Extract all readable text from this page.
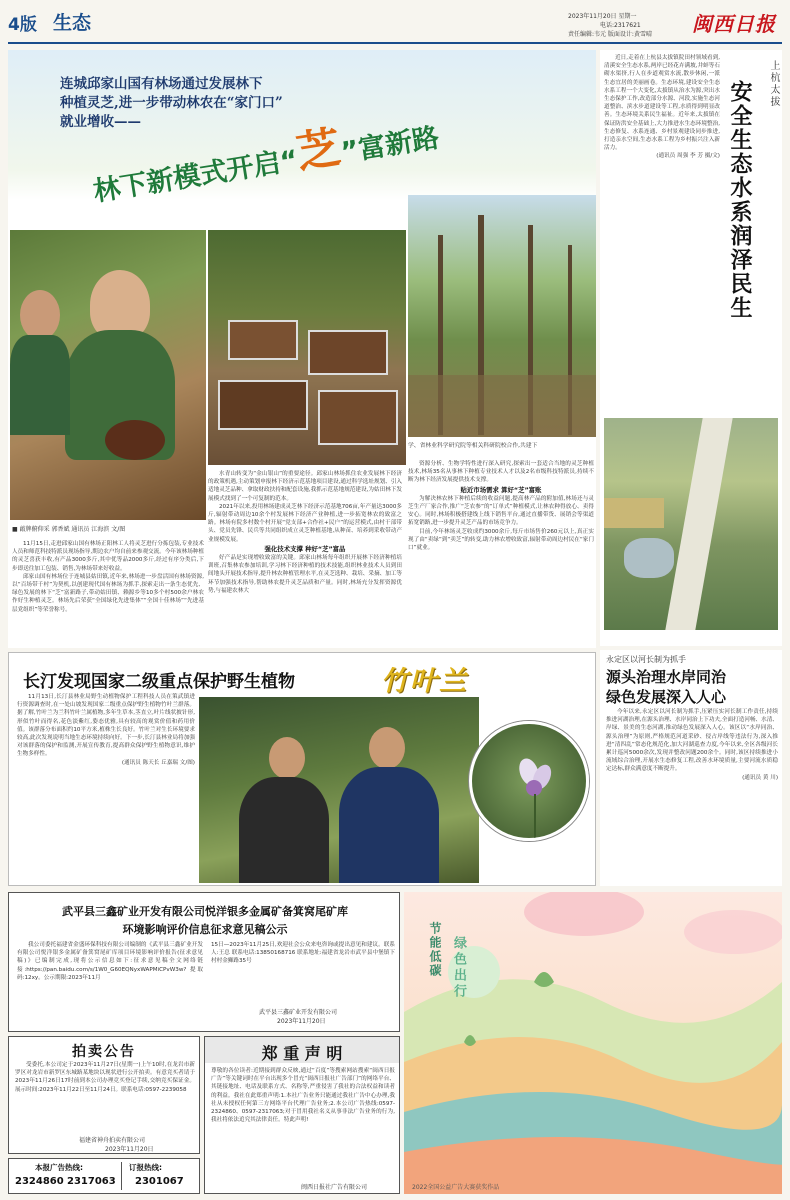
4版 生态	2023年11月20日 星期一
电话:2317621
责任编辑:韦元 版面设计:黄雪晴 闽西日报
连城邱家山国有林场通过发展林下
种植灵芝,进一步带动林农在“家门口”
就业增收——
林下新模式开启“芝”富新路
学、省林业科学研究院等相关科研院校合作,共建下
■ 敲牌俯仰采 郭香斌 通讯员 江海滨 文/图

11月15日,走进邱家山国有林场正阳林工人将灵芝进行分拣包装,专业技术人员和师范科技特派员现场指导,期边农户均自前来参观交流。今年该林场种植的灵芝喜获丰收,有产品3000多斤,其中优等品2000多斤,经过有序分类后,下步即送往加工包装、销售,为林场带来好收益。

邱家山国有林场位于连城县姑田镇,近年来,林场进一步盘活国有林场资源,以“百场带千村”为契机,以创建现代国有林场为抓手,探索走出一条生态优先、绿色发展的林下“芝”富新路子,带动姑田镇、赖源乡等10多个村500余户林农作好生种植灵芝。林场先后荣获“全国绿化先进集体”“全国十佳林场”“先进基层党组织”等荣誉称号。

水青山转变为“金山银山”的重要途径。邱家山林场抓住农业发展林下经济的政策机遇,主动策划申报林下经济示范基地项目建设,通过科学选址规划、引入适地灵芝品种、拿取财政扶持和配套设施,我抓示范基地规范建设,为姑田林下发展模式找到了一个可复制的范本。

2021年以来,投用林场建成灵芝林下经济示范基地706亩,年产量达3000多斤,辐射带动周边10余个村发展林下经济产业种植,进一步拓宽林农的致富之路。林场有院多村数个村开展“党支部+合作社+民户”的运营模式,由村干部带头、党员先锋、民兵等共同组织成立灵芝种植基地,从种苗、培养到采收带动产业规模发展。

强化技术支撑 种好“芝”富品

好产品是实现增收致富的关键。邱家山林场每年组织开展林下经济种植培训班,召集林农参加培训,学习林下经济种植的技术技能,组织林业技术人员到田间地头开展技术指导,提升林农种植管理水平,在灵芝选种、栽培、采摘、加工等环节加强技术指导,帮助林农提升灵芝品质和产量。同时,林场充分发挥资源优势,与福建农林大

资源分析、生物学特性进行深入研究,探索出一套适合当地的灵芝种植技术,林场35名从事林下种植专业技术人才以及2名市级科技特派员,持续不断为林下经济发展提供技术支撑。

贴近市场需求 算好“芝”富账

为解决林农林下种植后续的收益问题,提高林产品的附加值,林场还与灵芝生产厂家合作,推广“芝农参”的“订单式”种植模式,让林农种得放心、卖得安心。同时,林场积极搭建线上线下销售平台,通过直播带货、展销会等渠道拓宽销路,进一步提升灵芝产品的市场竞争力。

目前,今年林场灵芝收成约3000余斤,每斤市场售价260元以上,真正实现了由“卖绿”到“卖芝”的转变,助力林农增收致富,辐射带动周边村民在“家门口”就业。

近日,走着在上杭县太拔镇院田村领域看到,清溪安全生态水系,两岸已经花卉满坡,井蚌等石砌水渠挤,行人在步道观赏水流,散步休闲,一派生态宜居的美丽画卷。生态环境,建设安全生态水系工程一个大变化,太拔镇从治水为源,突出水生态保护工作,改造部分水源、河段,实施生态河道整治、滨水步道建设等工程,水质得到明显改善。生态环境关系民生福祉。近年来,太拔镇在保证防洪安全基础上,大力推进水生态环境整治,生态修复、水系连通、乡村景观建设同步推进,打造亲水空间,生态水系工程为乡村振兴注入新活力。

(通讯员 周强 李 芳 摄/文)

上杭太拔
安全生态水系润泽民生
永定区以河长制为抓手
源头治理水岸同治
绿色发展深入人心

今年以来,永定区以河长制为抓手,压紧压实河长制工作责任,持续推进河湖治理,在源头治理、水岸同治上下功夫,全面打造河畅、水清、岸绿、景美的生态河湖,推动绿色发展深入人心。该区以“水岸同治、源头治理”为原则,严格规范河道采砂、侵占岸线等违法行为,深入推进“清四乱”常态化规范化,加大河湖巡查力度,今年以来,全区各级河长累计巡河5000余次,发现并整改问题200余个。同时,该区持续推进小流域综合治理,开展水生态修复工程,改善水环境质量,主要河流水质稳定达标,群众满意度不断提升。

(通讯员 黄 川)

长汀发现国家二级重点保护野生植物	竹叶兰

11月13日,长汀县林业局野生动植物保护工程科技人员在策武镇进行资源调查时,在一处山坡发现国家二级重点保护野生植物竹叶兰群落。据了解,竹叶兰为兰科竹叶兰属植物,多年生草本,茎直立,叶片线状披针形,形似竹叶而得名,花色淡紫红,姿态优雅,具有较高的观赏价值和药用价值。该群落分布面积约10平方米,植株生长良好。竹叶兰对生长环境要求较高,此次发现说明当地生态环境持续向好。下一步,长汀县林业局将加强对该群落的保护和监测,开展宣传教育,提高群众保护野生植物意识,维护生物多样性。

(通讯员 陈天长 丘嘉瑞 文/图)

武平县三鑫矿业开发有限公司悦洋银多金属矿备箕窝尾矿库
环境影响评价信息征求意见稿公示
我公司委托福建省金盛环保科技有限公司编制的《武平县三鑫矿业开发有限公司悦洋银多金属矿备箕窝尾矿库项目环境影响评价报告(征求意见稿)》已编制完成,现将公示信息如下:征求意见稿全文网络链接:https://pan.baidu.com/s/1W0_G60EQNyxWAPMiCPvW3w? 提取码:12xy。公示期限:2023年11月
15日—2023年11月25日,欢迎社会公众来电咨询或提出意见和建议。联系人:王总 联系电话:13850168716 联系地址:福建省龙岩市武平县中堡镇下村村金狮路35号
武平县三鑫矿业开发有限公司
2023年11月20日
拍卖公告
受委托,本公司定于2023年11月27日(星期一)上午10时,在龙岩市新罗区对龙岩市新罗区东城路某地块以现状进行公开拍卖。有意竞买者请于2023年11月26日17时前到本公司办理竞买登记手续,交纳竞买保证金。展示时间:2023年11月22日至11月24日。联系电话:0597-2239058
福建省神舟拍卖有限公司
2023年11月20日
郑 重 声 明
尊敬的各位读者:近期接到群众反映,通过“百度”等搜索网站搜索“闽西日报广告”等关键词时在平台出现多个冒充“闽西日报社广告部门”的网络平台、其链接地址、电话及联系方式、名称等,严重侵害了我社的合法权益和读者的利益。我社在此郑重声明:1.本社广告业务只能通过我社广告中心办理,我社从未授权任何第三方网络平台代理广告业务;2.本公司广告热线:0597-2324860、0597-2317063;对于冒用我社名义从事非法广告业务的行为,我社将依法追究其法律责任。特此声明!
闽西日报社广告有限公司
本报广告热线:
2324860 2317063
订报热线:
2301067
节能低碳 绿色出行
2022全国公益广告大赛获奖作品
